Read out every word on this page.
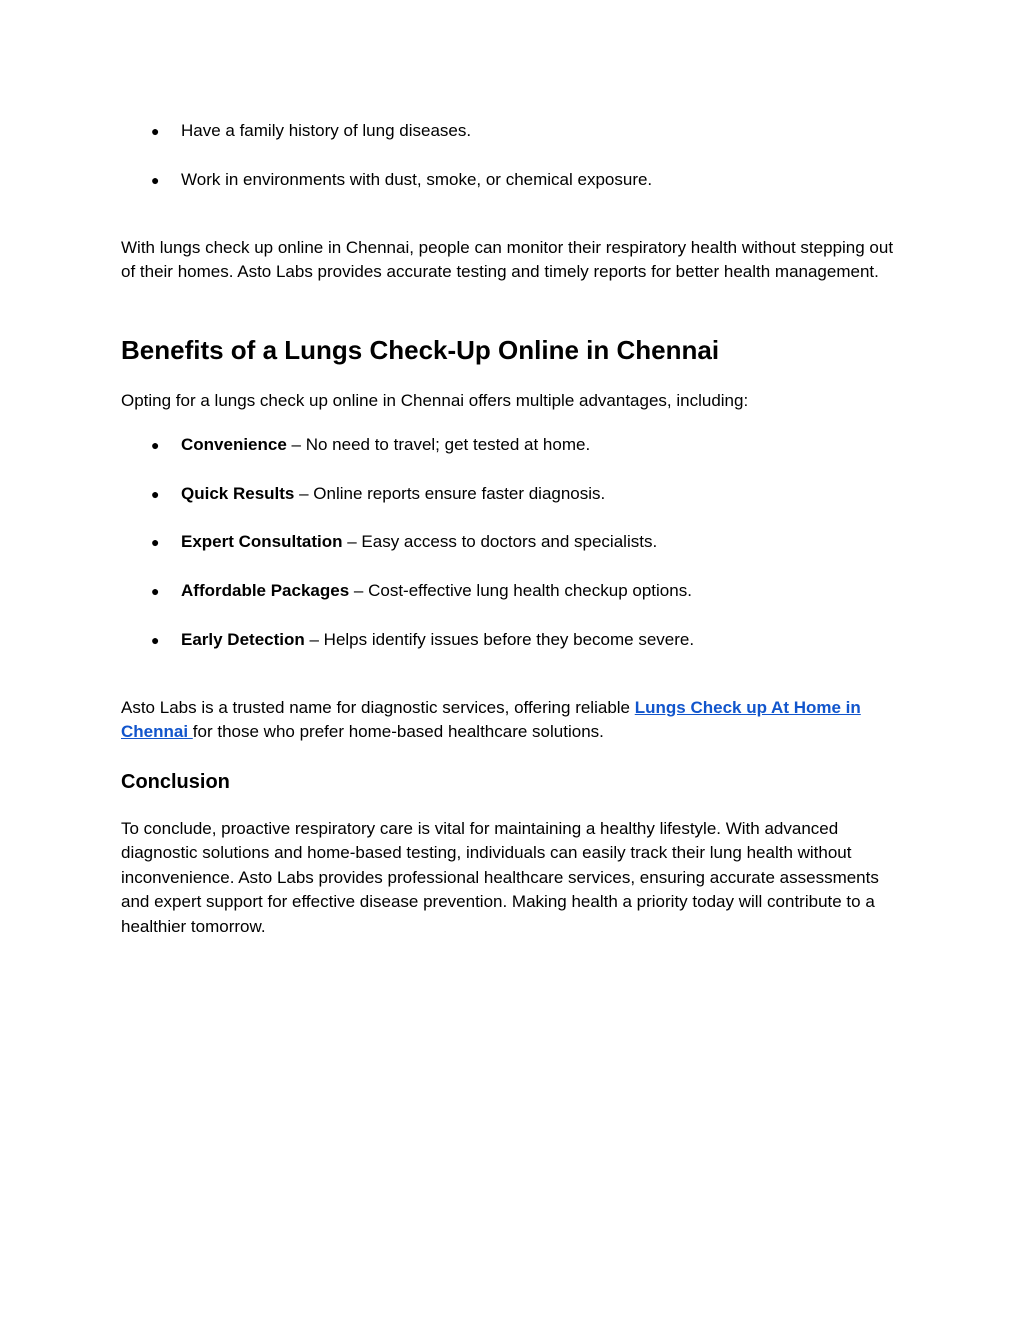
● Have a family history of lung diseases.
● Work in environments with dust, smoke, or chemical exposure.

With lungs check up online in Chennai, people can monitor their respiratory health without stepping out of their homes. Asto Labs provides accurate testing and timely reports for better health management.

Benefits of a Lungs Check-Up Online in Chennai

Opting for a lungs check up online in Chennai offers multiple advantages, including:

● Convenience – No need to travel; get tested at home.
● Quick Results – Online reports ensure faster diagnosis.
● Expert Consultation – Easy access to doctors and specialists.
● Affordable Packages – Cost-effective lung health checkup options.
● Early Detection – Helps identify issues before they become severe.

Asto Labs is a trusted name for diagnostic services, offering reliable Lungs Check up At Home in Chennai for those who prefer home-based healthcare solutions.

Conclusion

To conclude, proactive respiratory care is vital for maintaining a healthy lifestyle. With advanced diagnostic solutions and home-based testing, individuals can easily track their lung health without inconvenience. Asto Labs provides professional healthcare services, ensuring accurate assessments and expert support for effective disease prevention. Making health a priority today will contribute to a healthier tomorrow.
